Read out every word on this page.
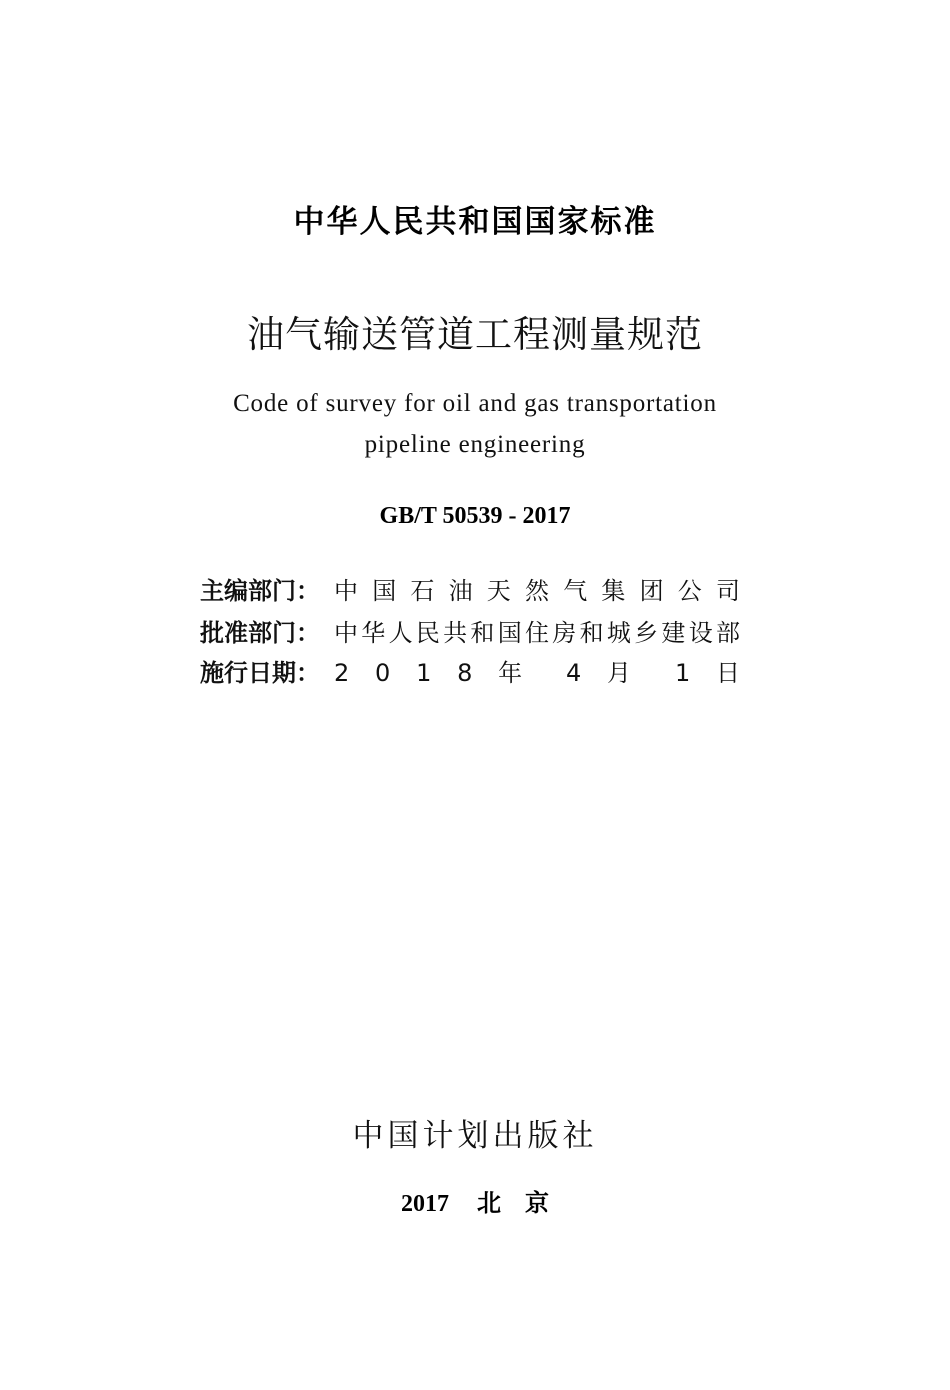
中华人民共和国国家标准
油气输送管道工程测量规范
Code of survey for oil and gas transportation
pipeline engineering
GB/T 50539 - 2017
主编部门： 中 国 石 油 天 然 气 集 团 公 司
批准部门： 中华人民共和国住房和城乡建设部
施行日期： 2 0 1 8 年 4 月 1 日
中国计划出版社
2017 北　京
